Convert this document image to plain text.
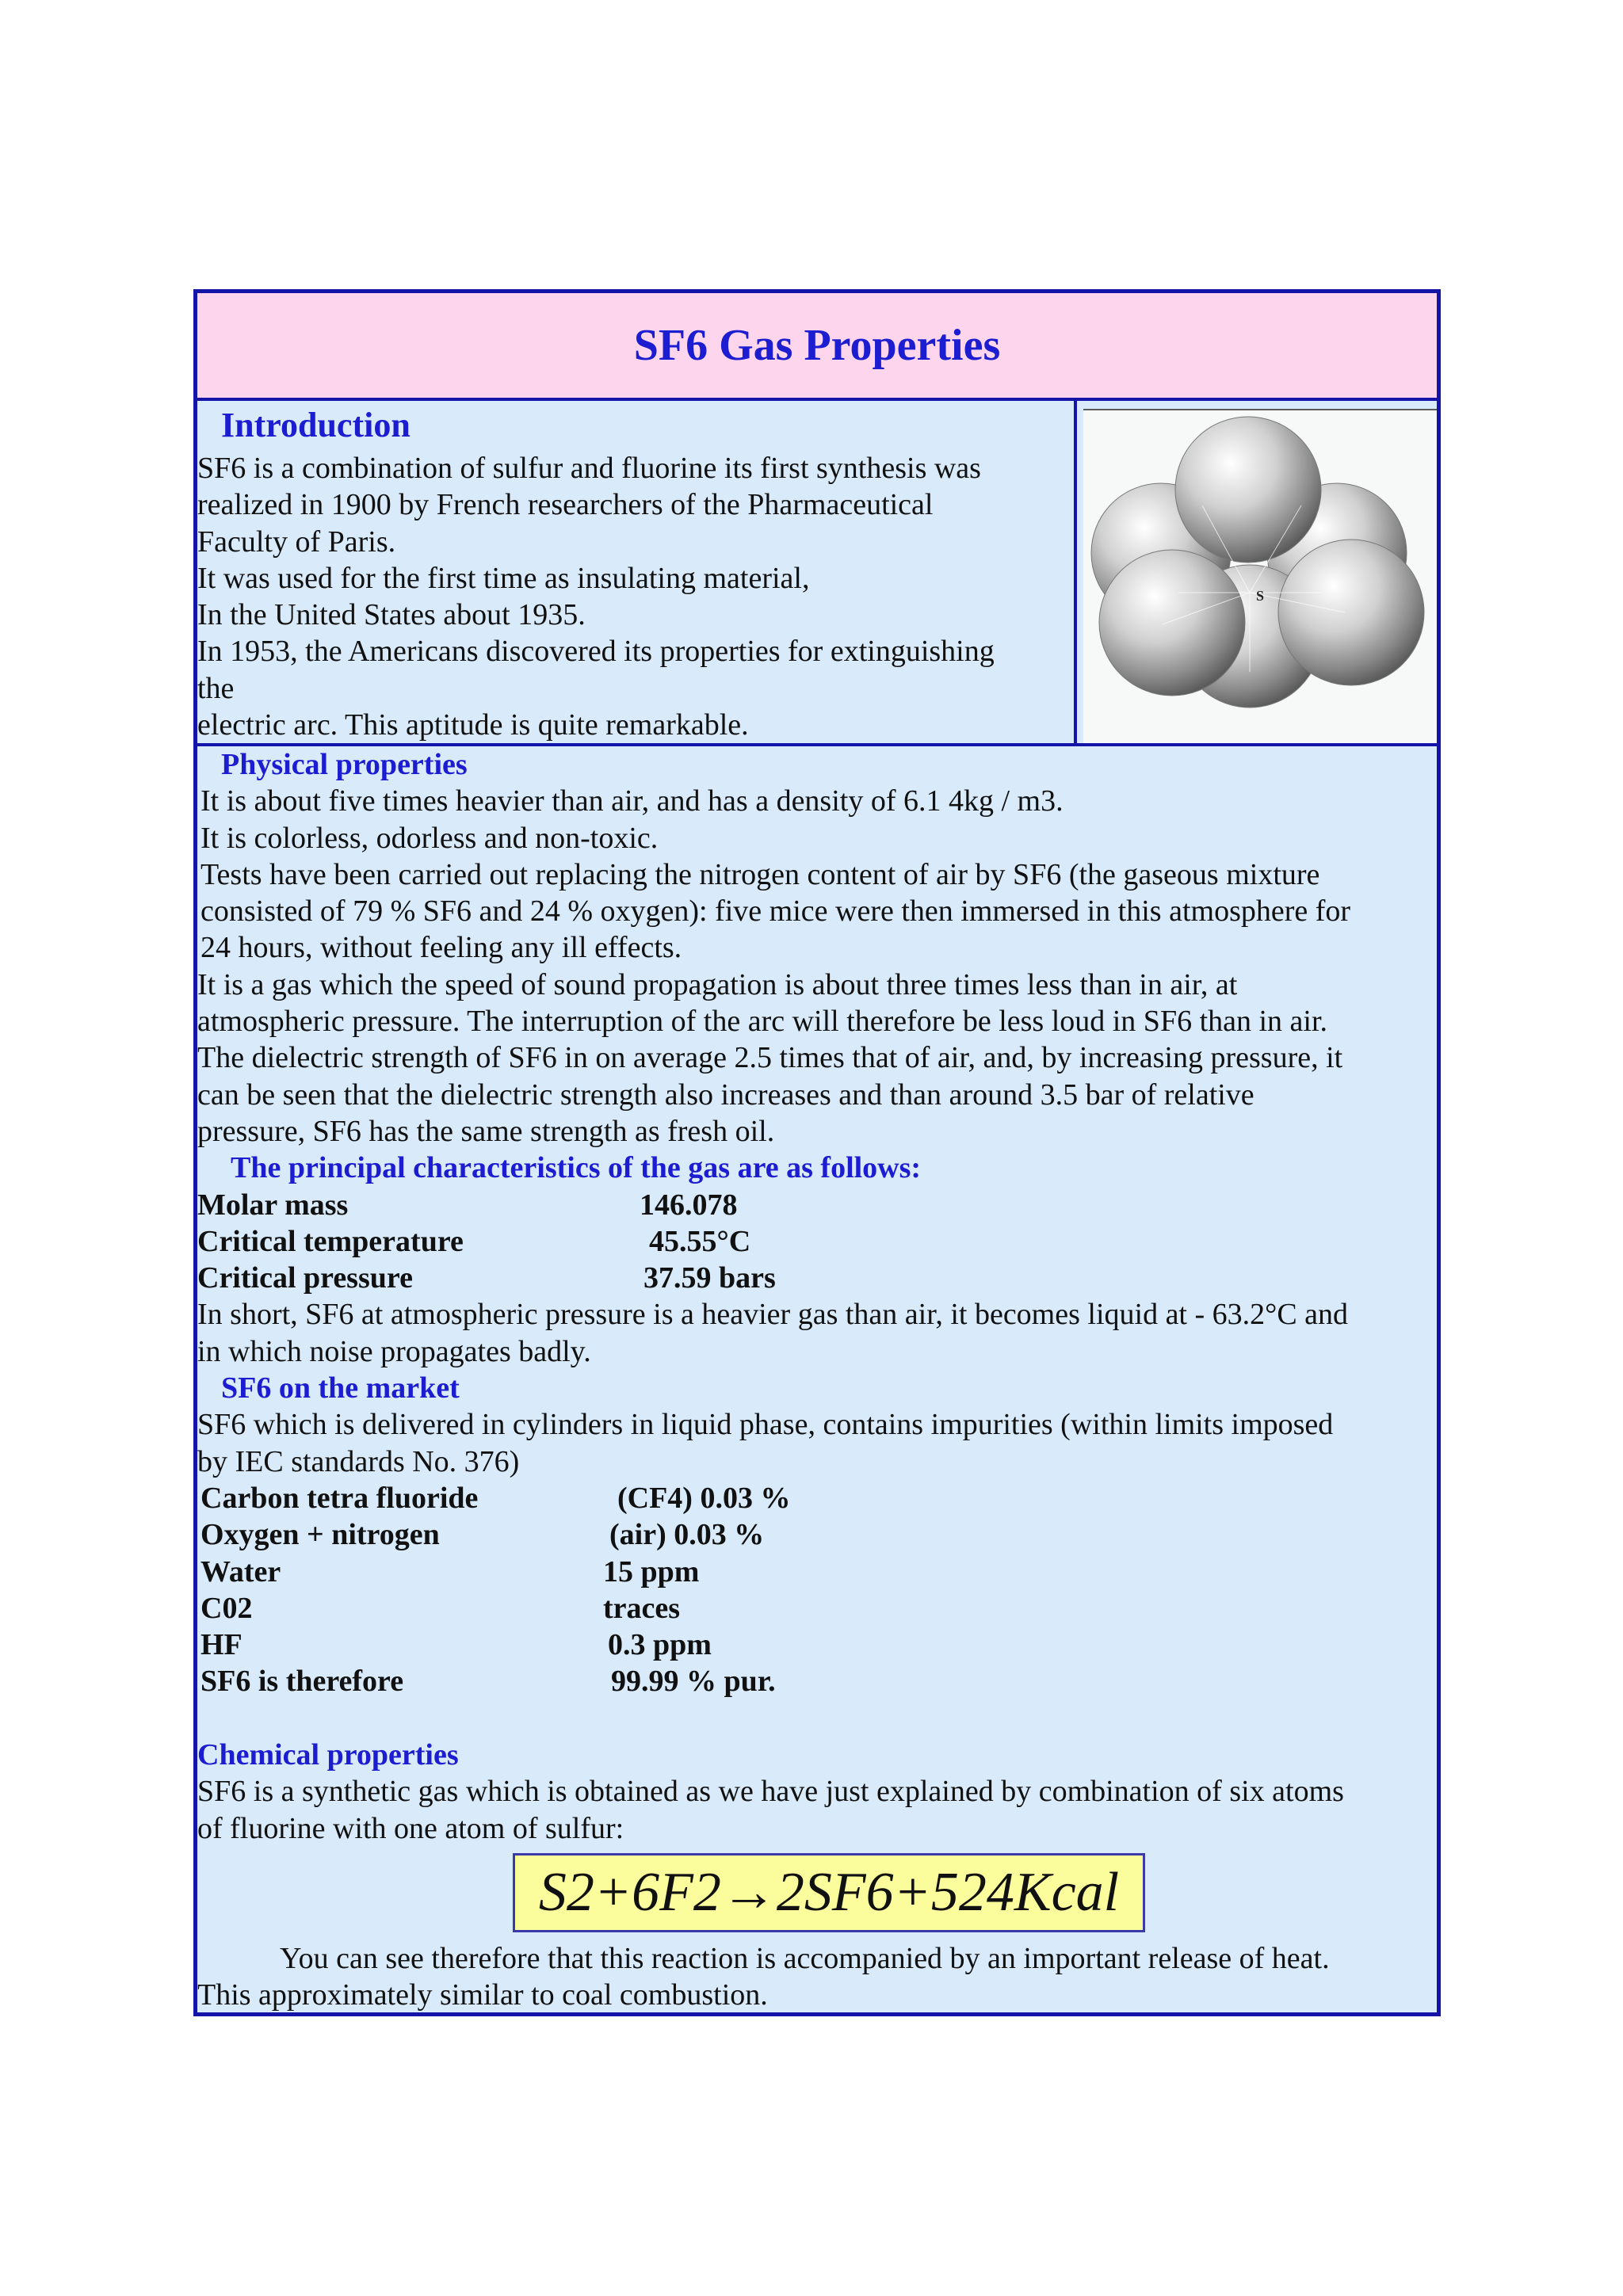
SF6 Gas Properties
Introduction
SF6 is a combination of sulfur and fluorine its first synthesis was
realized in 1900 by French researchers of the Pharmaceutical
Faculty of Paris.
It was used for the first time as insulating material,
In the United States about 1935.
In 1953, the Americans discovered its properties for extinguishing
the
electric arc. This aptitude is quite remarkable.
S
Physical properties
It is about five times heavier than air, and has a density of 6.1 4kg / m3.
It is colorless, odorless and non-toxic.
Tests have been carried out replacing the nitrogen content of air by SF6 (the gaseous mixture
consisted of 79 % SF6 and 24 % oxygen): five mice were then immersed in this atmosphere for
24 hours, without feeling any ill effects.
It is a gas which the speed of sound propagation is about three times less than in air, at
atmospheric pressure. The interruption of the arc will therefore be less loud in SF6 than in air.
The dielectric strength of SF6 in on average 2.5 times that of air, and, by increasing pressure, it
can be seen that the dielectric strength also increases and than around 3.5 bar of relative
pressure, SF6 has the same strength as fresh oil.
The principal characteristics of the gas are as follows:
Molar mass	146.078
Critical temperature	45.55°C
Critical pressure	37.59 bars
In short, SF6 at atmospheric pressure is a heavier gas than air, it becomes liquid at - 63.2°C and
in which noise propagates badly.
SF6 on the market
SF6 which is delivered in cylinders in liquid phase, contains impurities (within limits imposed
by IEC standards No. 376)
Carbon tetra fluoride	(CF4) 0.03 %
Oxygen + nitrogen	(air) 0.03 %
Water	15 ppm
C02	traces
HF	0.3 ppm
SF6 is therefore	99.99 % pur.
Chemical properties
SF6 is a synthetic gas which is obtained as we have just explained by combination of six atoms
of fluorine with one atom of sulfur:
S2+6F2→2SF6+524Kcal
You can see therefore that this reaction is accompanied by an important release of heat.
This approximately similar to coal combustion.
